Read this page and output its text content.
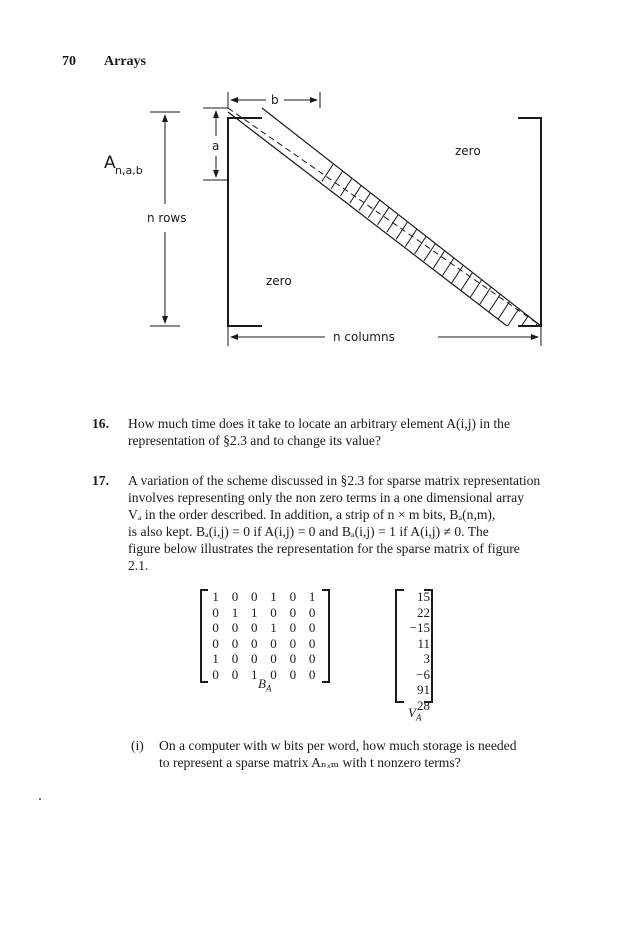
70 Arrays
A n,a,b
a
b
zero
zero
n rows
n columns
16. How much time does it take to locate an arbitrary element A(i,j) in the
representation of §2.3 and to change its value?
17. A variation of the scheme discussed in §2.3 for sparse matrix representation
involves representing only the non zero terms in a one dimensional array
Vₐ in the order described. In addition, a strip of n × m bits, Bₐ(n,m),
is also kept. Bₐ(i,j) = 0 if A(i,j) = 0 and Bₐ(i,j) = 1 if A(i,j) ≠ 0. The
figure below illustrates the representation for the sparse matrix of figure
2.1.
1 0 0 1 0 1
0 1 1 0 0 0
0 0 0 1 0 0
0 0 0 0 0 0
1 0 0 0 0 0
0 0 1 0 0 0
$B_A$
15
22
−15
11
3
−6
91
28
$V_A$
(i) On a computer with w bits per word, how much storage is needed
to represent a sparse matrix Aₙₓₘ with t nonzero terms?
